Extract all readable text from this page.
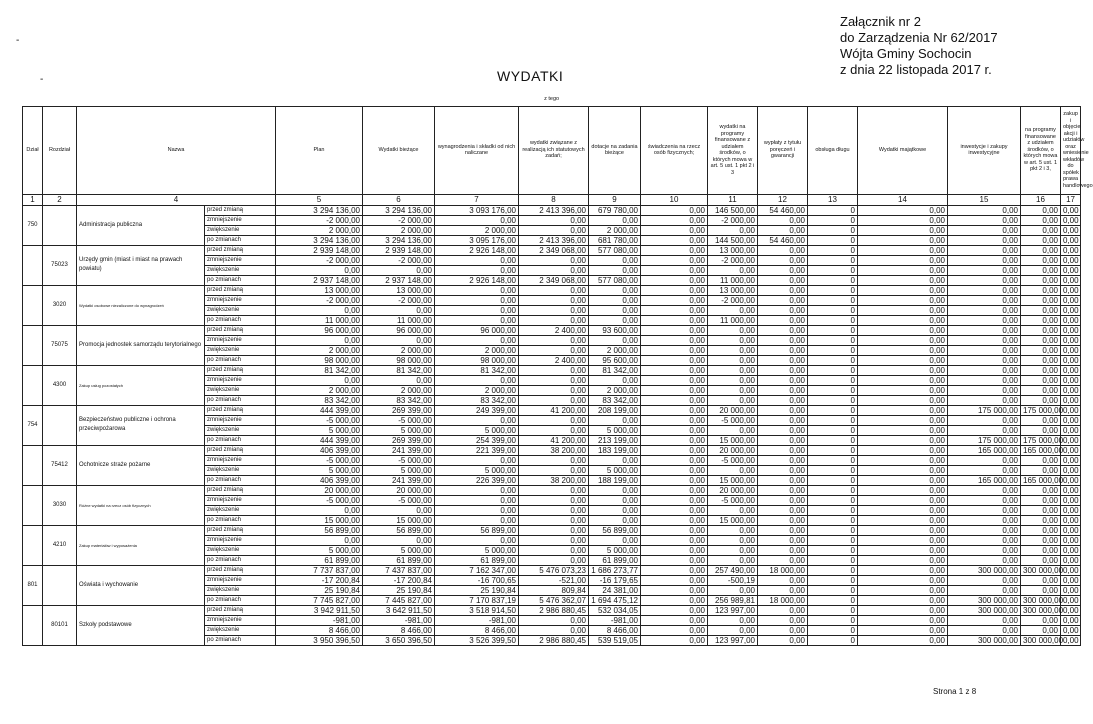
-
-
Załącznik nr 2
do Zarządzenia Nr 62/2017
Wójta Gminy Sochocin
z dnia 22 listopada 2017 r.
WYDATKI
z tego																	
Dział	Rozdział	Nazwa		Plan	Wydatki bieżące	wynagrodzenia i składki od nich naliczane	wydatki związane z realizacją ich statutowych zadań;	dotacje na zadania bieżące	świadczenia na rzecz osób fizycznych;	wydatki na programy finansowane z udziałem środków, o których mowa w art. 5 ust. 1 pkt 2 i 3	wypłaty z tytułu poręczeń i gwarancji	obsługa długu	Wydatki majątkowe	inwestycje i zakupy inwestycyjne	na programy finansowane z udziałem środków, o których mowa w art. 5 ust. 1 pkt 2 i 3,	zakup i objęcie akcji i udziałów oraz wniesienie wkładów do spółek prawa handlowego	
1	2	4		5	6	7	8	9	10	11	12	13	14	15	16	17	
750		Administracja publiczna	przed zmianą	3 294 136,00	3 294 136,00	3 093 176,00	2 413 396,00	679 780,00	0,00	146 500,00	54 460,00	0	0,00	0,00	0,00	0,00	
			zmniejszenie	-2 000,00	-2 000,00	0,00	0,00	0,00	0,00	-2 000,00	0,00	0	0,00	0,00	0,00	0,00	
			zwiększenie	2 000,00	2 000,00	2 000,00	0,00	2 000,00	0,00	0,00	0,00	0	0,00	0,00	0,00	0,00	
			po zmianach	3 294 136,00	3 294 136,00	3 095 176,00	2 413 396,00	681 780,00	0,00	144 500,00	54 460,00	0	0,00	0,00	0,00	0,00	
	75023	Urzędy gmin (miast i miast na prawach powiatu)	przed zmianą	2 939 148,00	2 939 148,00	2 926 148,00	2 349 068,00	577 080,00	0,00	13 000,00	0,00	0	0,00	0,00	0,00	0,00	
			zmniejszenie	-2 000,00	-2 000,00	0,00	0,00	0,00	0,00	-2 000,00	0,00	0	0,00	0,00	0,00	0,00	
			zwiększenie	0,00	0,00	0,00	0,00	0,00	0,00	0,00	0,00	0	0,00	0,00	0,00	0,00	
			po zmianach	2 937 148,00	2 937 148,00	2 926 148,00	2 349 068,00	577 080,00	0,00	11 000,00	0,00	0	0,00	0,00	0,00	0,00	
	3020	Wydatki osobowe niezaliczone do wynagrodzeń	przed zmianą	13 000,00	13 000,00	0,00	0,00	0,00	0,00	13 000,00	0,00	0	0,00	0,00	0,00	0,00	
			zmniejszenie	-2 000,00	-2 000,00	0,00	0,00	0,00	0,00	-2 000,00	0,00	0	0,00	0,00	0,00	0,00	
			zwiększenie	0,00	0,00	0,00	0,00	0,00	0,00	0,00	0,00	0	0,00	0,00	0,00	0,00	
			po zmianach	11 000,00	11 000,00	0,00	0,00	0,00	0,00	11 000,00	0,00	0	0,00	0,00	0,00	0,00	
	75075	Promocja jednostek samorządu terytorialnego	przed zmianą	96 000,00	96 000,00	96 000,00	2 400,00	93 600,00	0,00	0,00	0,00	0	0,00	0,00	0,00	0,00	
			zmniejszenie	0,00	0,00	0,00	0,00	0,00	0,00	0,00	0,00	0	0,00	0,00	0,00	0,00	
			zwiększenie	2 000,00	2 000,00	2 000,00	0,00	2 000,00	0,00	0,00	0,00	0	0,00	0,00	0,00	0,00	
			po zmianach	98 000,00	98 000,00	98 000,00	2 400,00	95 600,00	0,00	0,00	0,00	0	0,00	0,00	0,00	0,00	
	4300	Zakup usług pozostałych	przed zmianą	81 342,00	81 342,00	81 342,00	0,00	81 342,00	0,00	0,00	0,00	0	0,00	0,00	0,00	0,00	
			zmniejszenie	0,00	0,00	0,00	0,00	0,00	0,00	0,00	0,00	0	0,00	0,00	0,00	0,00	
			zwiększenie	2 000,00	2 000,00	2 000,00	0,00	2 000,00	0,00	0,00	0,00	0	0,00	0,00	0,00	0,00	
			po zmianach	83 342,00	83 342,00	83 342,00	0,00	83 342,00	0,00	0,00	0,00	0	0,00	0,00	0,00	0,00	
754		Bezpieczeństwo publiczne i ochrona przeciwpożarowa	przed zmianą	444 399,00	269 399,00	249 399,00	41 200,00	208 199,00	0,00	20 000,00	0,00	0	0,00	175 000,00	175 000,00	0,00	
			zmniejszenie	-5 000,00	-5 000,00	0,00	0,00	0,00	0,00	-5 000,00	0,00	0	0,00	0,00	0,00	0,00	
			zwiększenie	5 000,00	5 000,00	5 000,00	0,00	5 000,00	0,00	0,00	0,00	0	0,00	0,00	0,00	0,00	
			po zmianach	444 399,00	269 399,00	254 399,00	41 200,00	213 199,00	0,00	15 000,00	0,00	0	0,00	175 000,00	175 000,00	0,00	
	75412	Ochotnicze straże pożarne	przed zmianą	406 399,00	241 399,00	221 399,00	38 200,00	183 199,00	0,00	20 000,00	0,00	0	0,00	165 000,00	165 000,00	0,00	
			zmniejszenie	-5 000,00	-5 000,00	0,00	0,00	0,00	0,00	-5 000,00	0,00	0	0,00	0,00	0,00	0,00	
			zwiększenie	5 000,00	5 000,00	5 000,00	0,00	5 000,00	0,00	0,00	0,00	0	0,00	0,00	0,00	0,00	
			po zmianach	406 399,00	241 399,00	226 399,00	38 200,00	188 199,00	0,00	15 000,00	0,00	0	0,00	165 000,00	165 000,00	0,00	
	3030	Różne wydatki na rzecz osób fizycznych	przed zmianą	20 000,00	20 000,00	0,00	0,00	0,00	0,00	20 000,00	0,00	0	0,00	0,00	0,00	0,00	
			zmniejszenie	-5 000,00	-5 000,00	0,00	0,00	0,00	0,00	-5 000,00	0,00	0	0,00	0,00	0,00	0,00	
			zwiększenie	0,00	0,00	0,00	0,00	0,00	0,00	0,00	0,00	0	0,00	0,00	0,00	0,00	
			po zmianach	15 000,00	15 000,00	0,00	0,00	0,00	0,00	15 000,00	0,00	0	0,00	0,00	0,00	0,00	
	4210	Zakup materiałów i wyposażenia	przed zmianą	56 899,00	56 899,00	56 899,00	0,00	56 899,00	0,00	0,00	0,00	0	0,00	0,00	0,00	0,00	
			zmniejszenie	0,00	0,00	0,00	0,00	0,00	0,00	0,00	0,00	0	0,00	0,00	0,00	0,00	
			zwiększenie	5 000,00	5 000,00	5 000,00	0,00	5 000,00	0,00	0,00	0,00	0	0,00	0,00	0,00	0,00	
			po zmianach	61 899,00	61 899,00	61 899,00	0,00	61 899,00	0,00	0,00	0,00	0	0,00	0,00	0,00	0,00	
801		Oświata i wychowanie	przed zmianą	7 737 837,00	7 437 837,00	7 162 347,00	5 476 073,23	1 686 273,77	0,00	257 490,00	18 000,00	0	0,00	300 000,00	300 000,00	0,00	
			zmniejszenie	-17 200,84	-17 200,84	-16 700,65	-521,00	-16 179,65	0,00	-500,19	0,00	0	0,00	0,00	0,00	0,00	
			zwiększenie	25 190,84	25 190,84	25 190,84	809,84	24 381,00	0,00	0,00	0,00	0	0,00	0,00	0,00	0,00	
			po zmianach	7 745 827,00	7 445 827,00	7 170 837,19	5 476 362,07	1 694 475,12	0,00	256 989,81	18 000,00	0	0,00	300 000,00	300 000,00	0,00	
	80101	Szkoły podstawowe	przed zmianą	3 942 911,50	3 642 911,50	3 518 914,50	2 986 880,45	532 034,05	0,00	123 997,00	0,00	0	0,00	300 000,00	300 000,00	0,00	
			zmniejszenie	-981,00	-981,00	-981,00	0,00	-981,00	0,00	0,00	0,00	0	0,00	0,00	0,00	0,00	
			zwiększenie	8 466,00	8 466,00	8 466,00	0,00	8 466,00	0,00	0,00	0,00	0	0,00	0,00	0,00	0,00	
			po zmianach	3 950 396,50	3 650 396,50	3 526 399,50	2 986 880,45	539 519,05	0,00	123 997,00	0,00	0	0,00	300 000,00	300 000,00	0,00	
Strona 1 z 8
